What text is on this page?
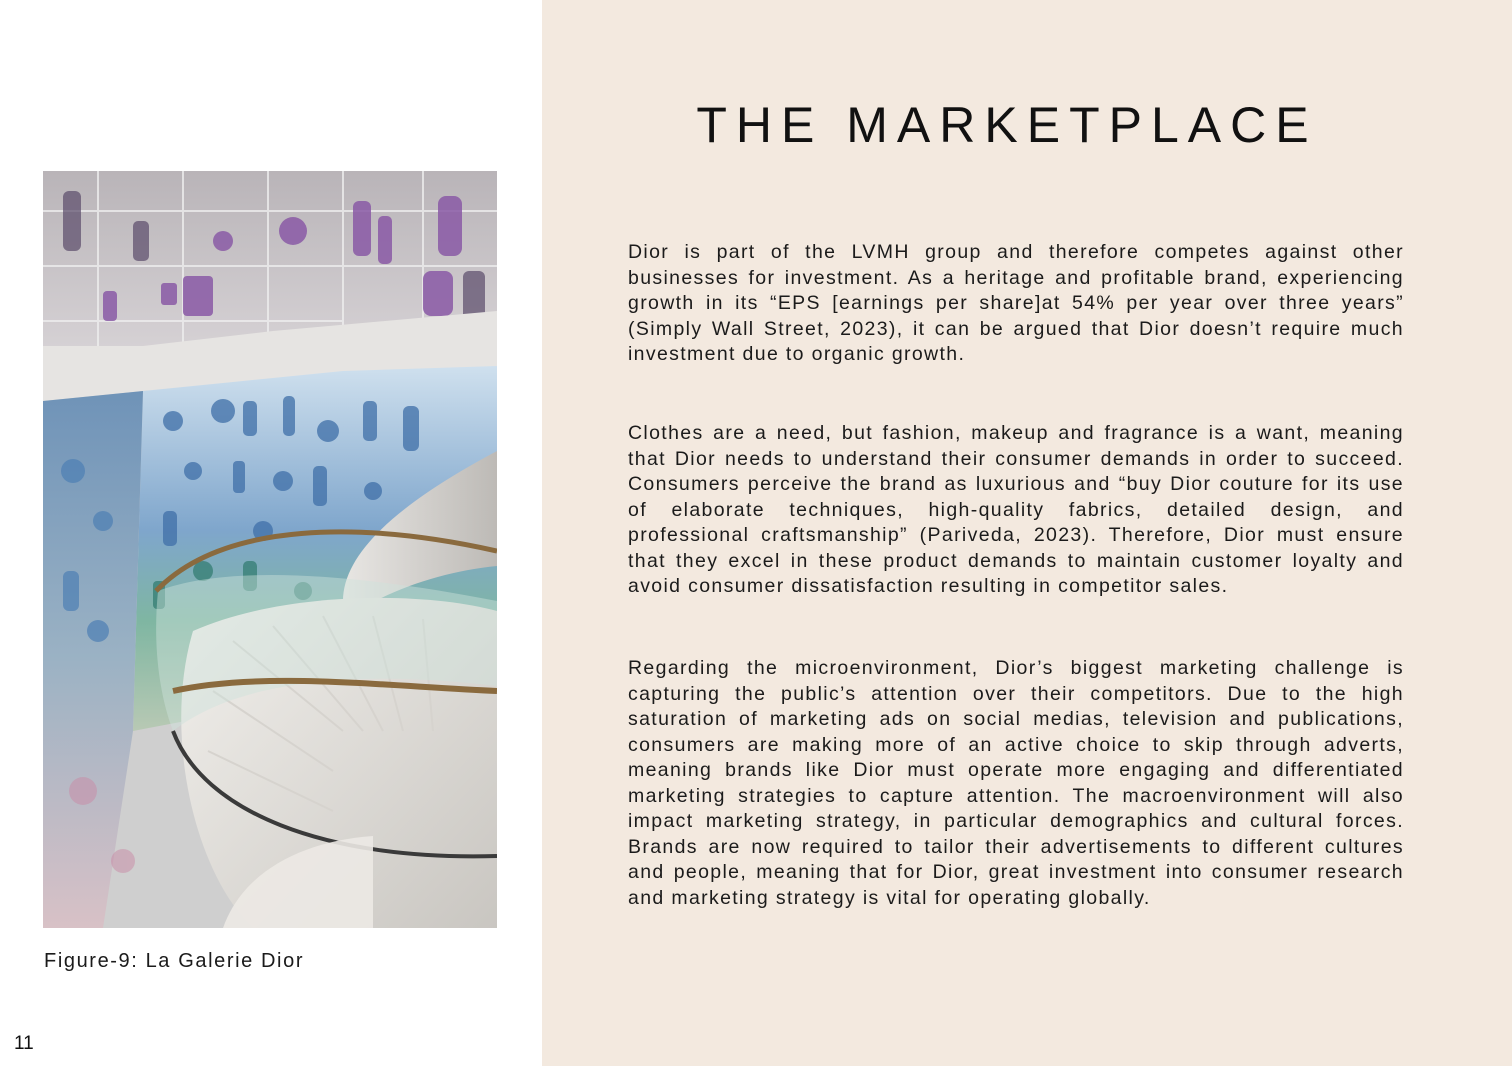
Figure-9: La Galerie Dior
THE MARKETPLACE

Dior is part of the LVMH group and therefore competes against other businesses for investment. As a heritage and profitable brand, experiencing growth in its “EPS [earnings per share]at 54% per year over three years” (Simply Wall Street, 2023), it can be argued that Dior doesn’t require much investment due to organic growth.

Clothes are a need, but fashion, makeup and fragrance is a want, meaning that Dior needs to understand their consumer demands in order to succeed. Consumers perceive the brand as luxurious and “buy Dior couture for its use of elaborate techniques, high-quality fabrics, detailed design, and professional craftsmanship” (Pariveda, 2023). Therefore, Dior must ensure that they excel in these product demands to maintain customer loyalty and avoid consumer dissatisfaction resulting in competitor sales.

Regarding the microenvironment, Dior’s biggest marketing challenge is capturing the public’s attention over their competitors. Due to the high saturation of marketing ads on social medias, television and publications, consumers are making more of an active choice to skip through adverts, meaning brands like Dior must operate more engaging and differentiated marketing strategies to capture attention. The macroenvironment will also impact marketing strategy, in particular demographics and cultural forces. Brands are now required to tailor their advertisements to different cultures and people, meaning that for Dior, great investment into consumer research and marketing strategy is vital for operating globally.

11
